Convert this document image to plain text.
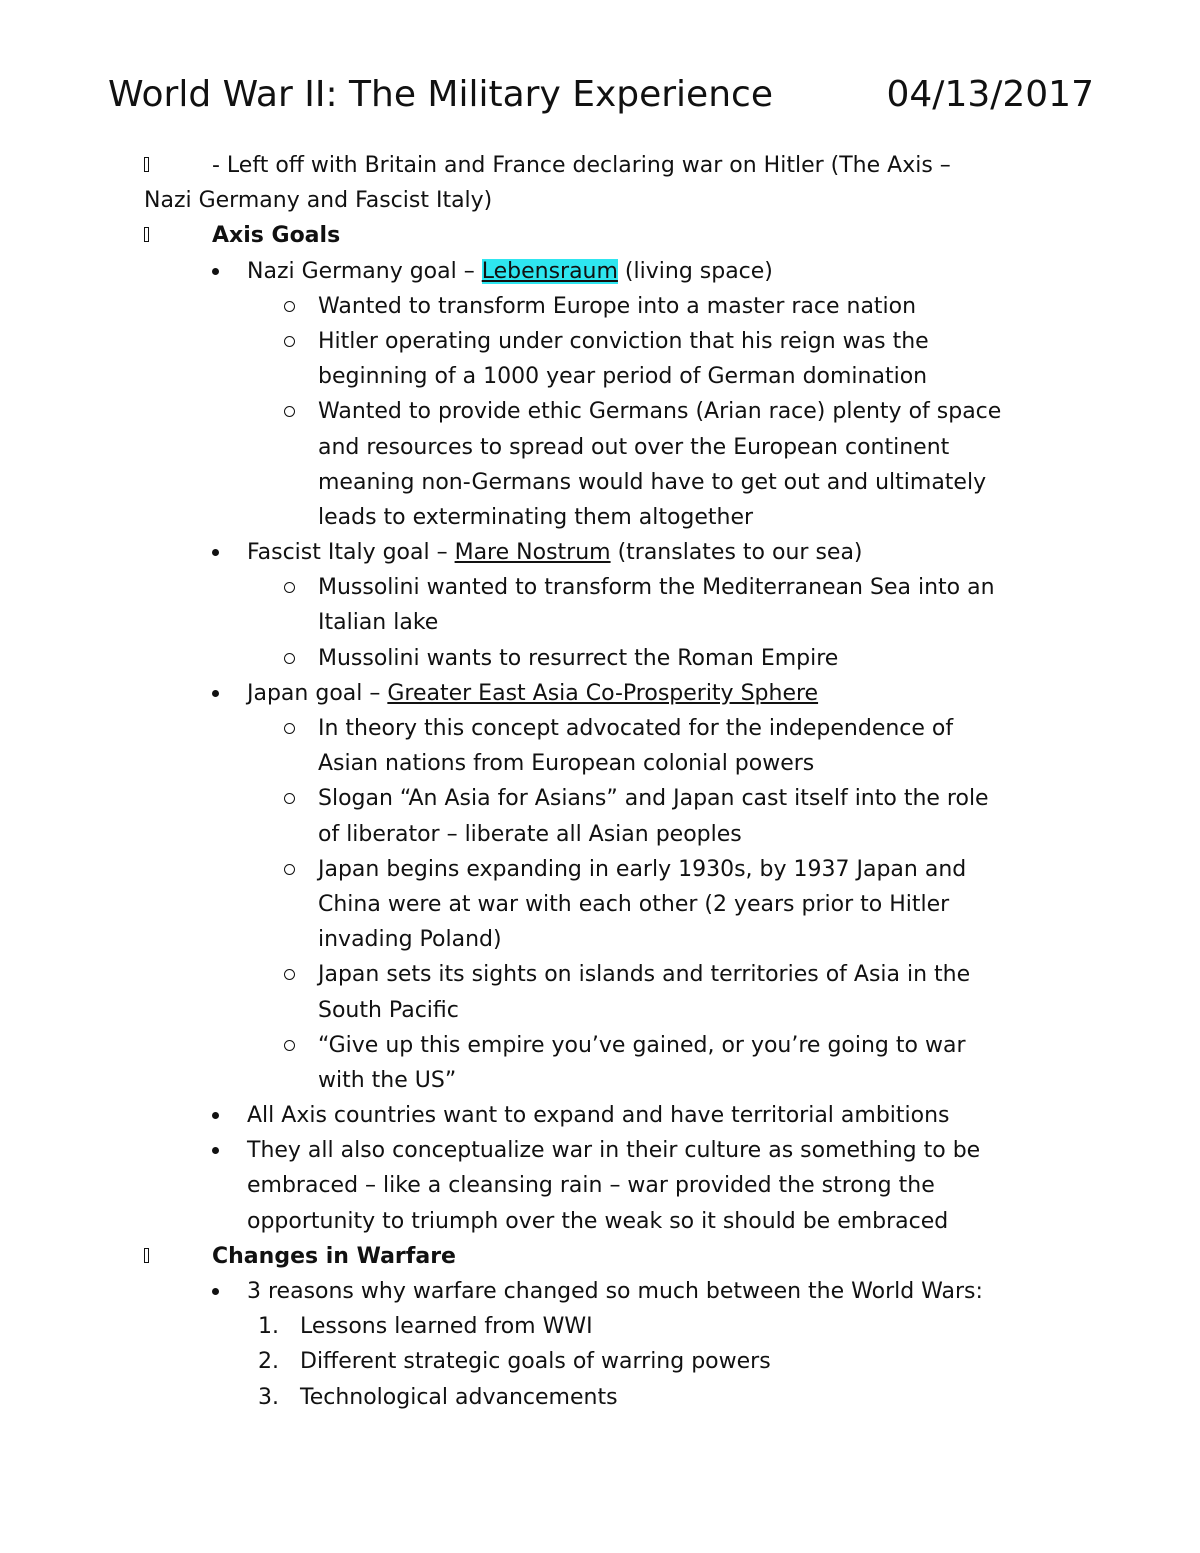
World War II: The Military Experience	04/13/2017
- Left off with Britain and France declaring war on Hitler (The Axis –
Nazi Germany and Fascist Italy)
Axis Goals
Nazi Germany goal – Lebensraum (living space)
Wanted to transform Europe into a master race nation
Hitler operating under conviction that his reign was the
beginning of a 1000 year period of German domination
Wanted to provide ethic Germans (Arian race) plenty of space
and resources to spread out over the European continent
meaning non-Germans would have to get out and ultimately
leads to exterminating them altogether
Fascist Italy goal – Mare Nostrum (translates to our sea)
Mussolini wanted to transform the Mediterranean Sea into an
Italian lake
Mussolini wants to resurrect the Roman Empire
Japan goal – Greater East Asia Co-Prosperity Sphere
In theory this concept advocated for the independence of
Asian nations from European colonial powers
Slogan “An Asia for Asians” and Japan cast itself into the role
of liberator – liberate all Asian peoples
Japan begins expanding in early 1930s, by 1937 Japan and
China were at war with each other (2 years prior to Hitler
invading Poland)
Japan sets its sights on islands and territories of Asia in the
South Pacific
“Give up this empire you’ve gained, or you’re going to war
with the US”
All Axis countries want to expand and have territorial ambitions
They all also conceptualize war in their culture as something to be
embraced – like a cleansing rain – war provided the strong the
opportunity to triumph over the weak so it should be embraced
Changes in Warfare
3 reasons why warfare changed so much between the World Wars:
1. Lessons learned from WWI
2. Different strategic goals of warring powers
3. Technological advancements
